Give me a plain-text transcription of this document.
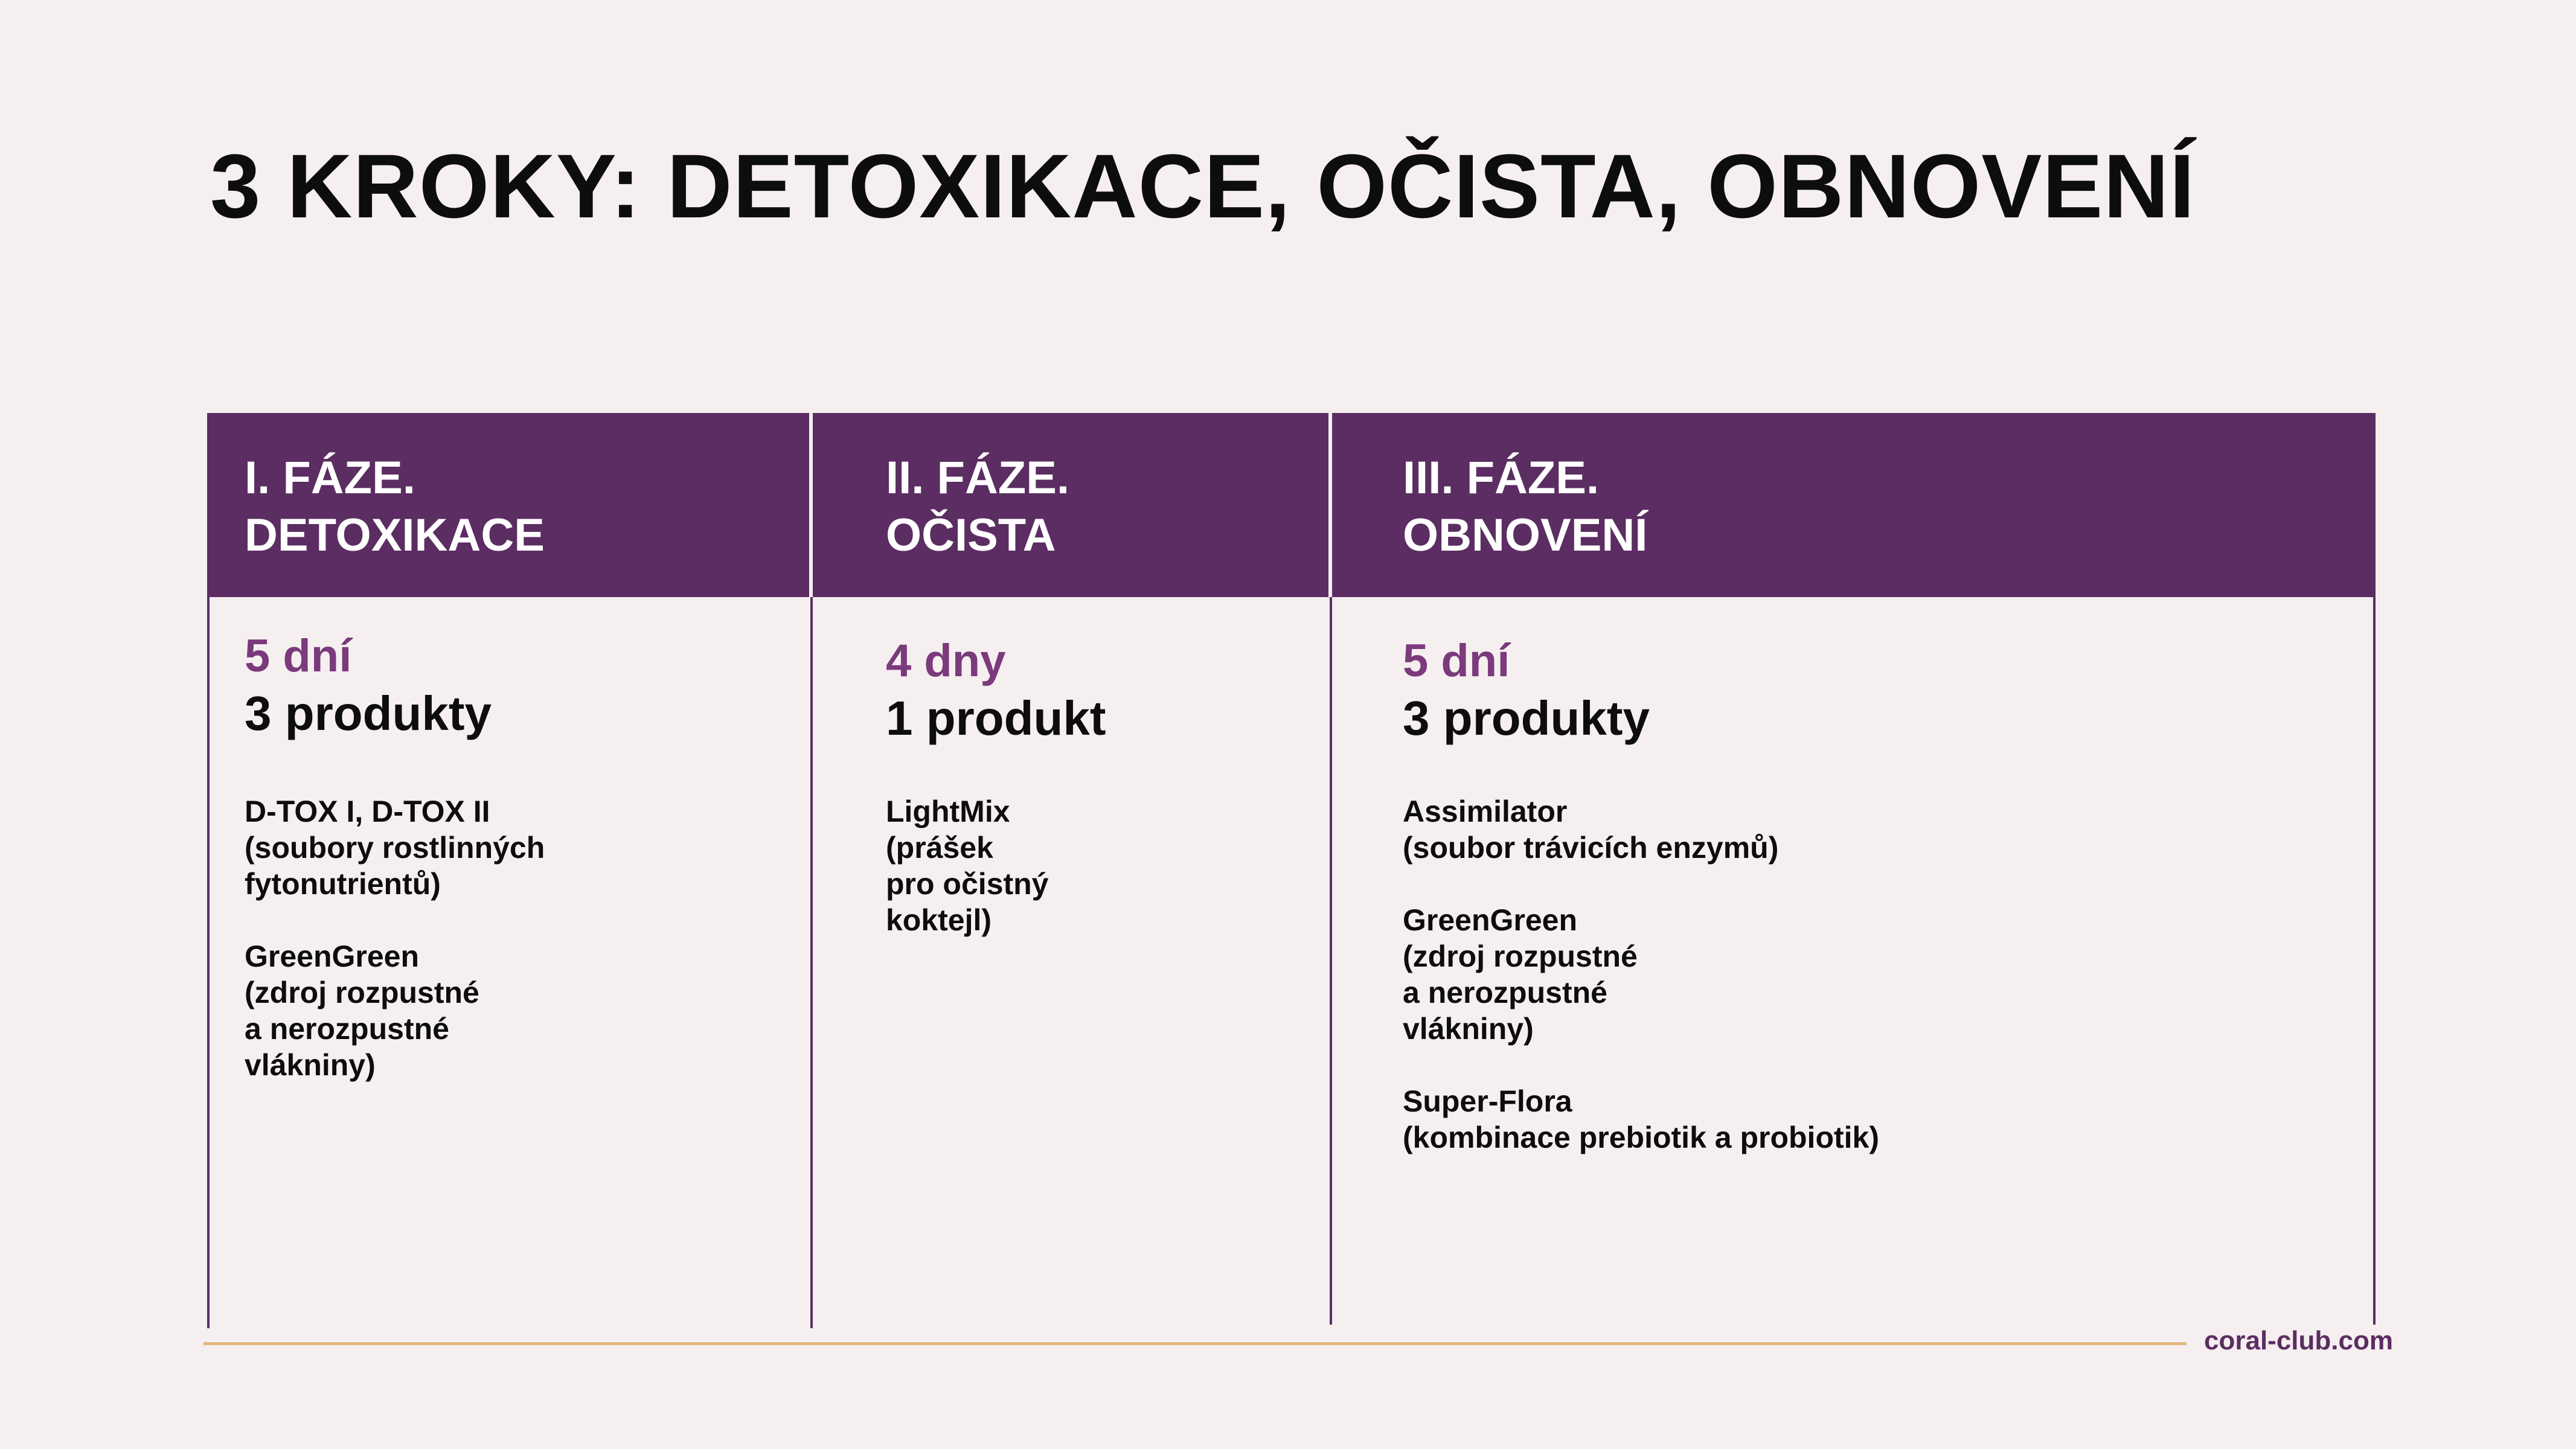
3 KROKY: DETOXIKACE, OČISTA, OBNOVENÍ
I. FÁZE.
DETOXIKACE
5 dní
3 produkty
D-TOX I, D-TOX II
(soubory rostlinných
fytonutrientů)
GreenGreen
(zdroj rozpustné
a nerozpustné
vlákniny)
II. FÁZE.
OČISTA
4 dny
1 produkt
LightMix
(prášek
pro očistný
koktejl)
III. FÁZE.
OBNOVENÍ
5 dní
3 produkty
Assimilator
(soubor trávicích enzymů)
GreenGreen
(zdroj rozpustné
a nerozpustné
vlákniny)
Super-Flora
(kombinace prebiotik a probiotik)
coral-club.com
